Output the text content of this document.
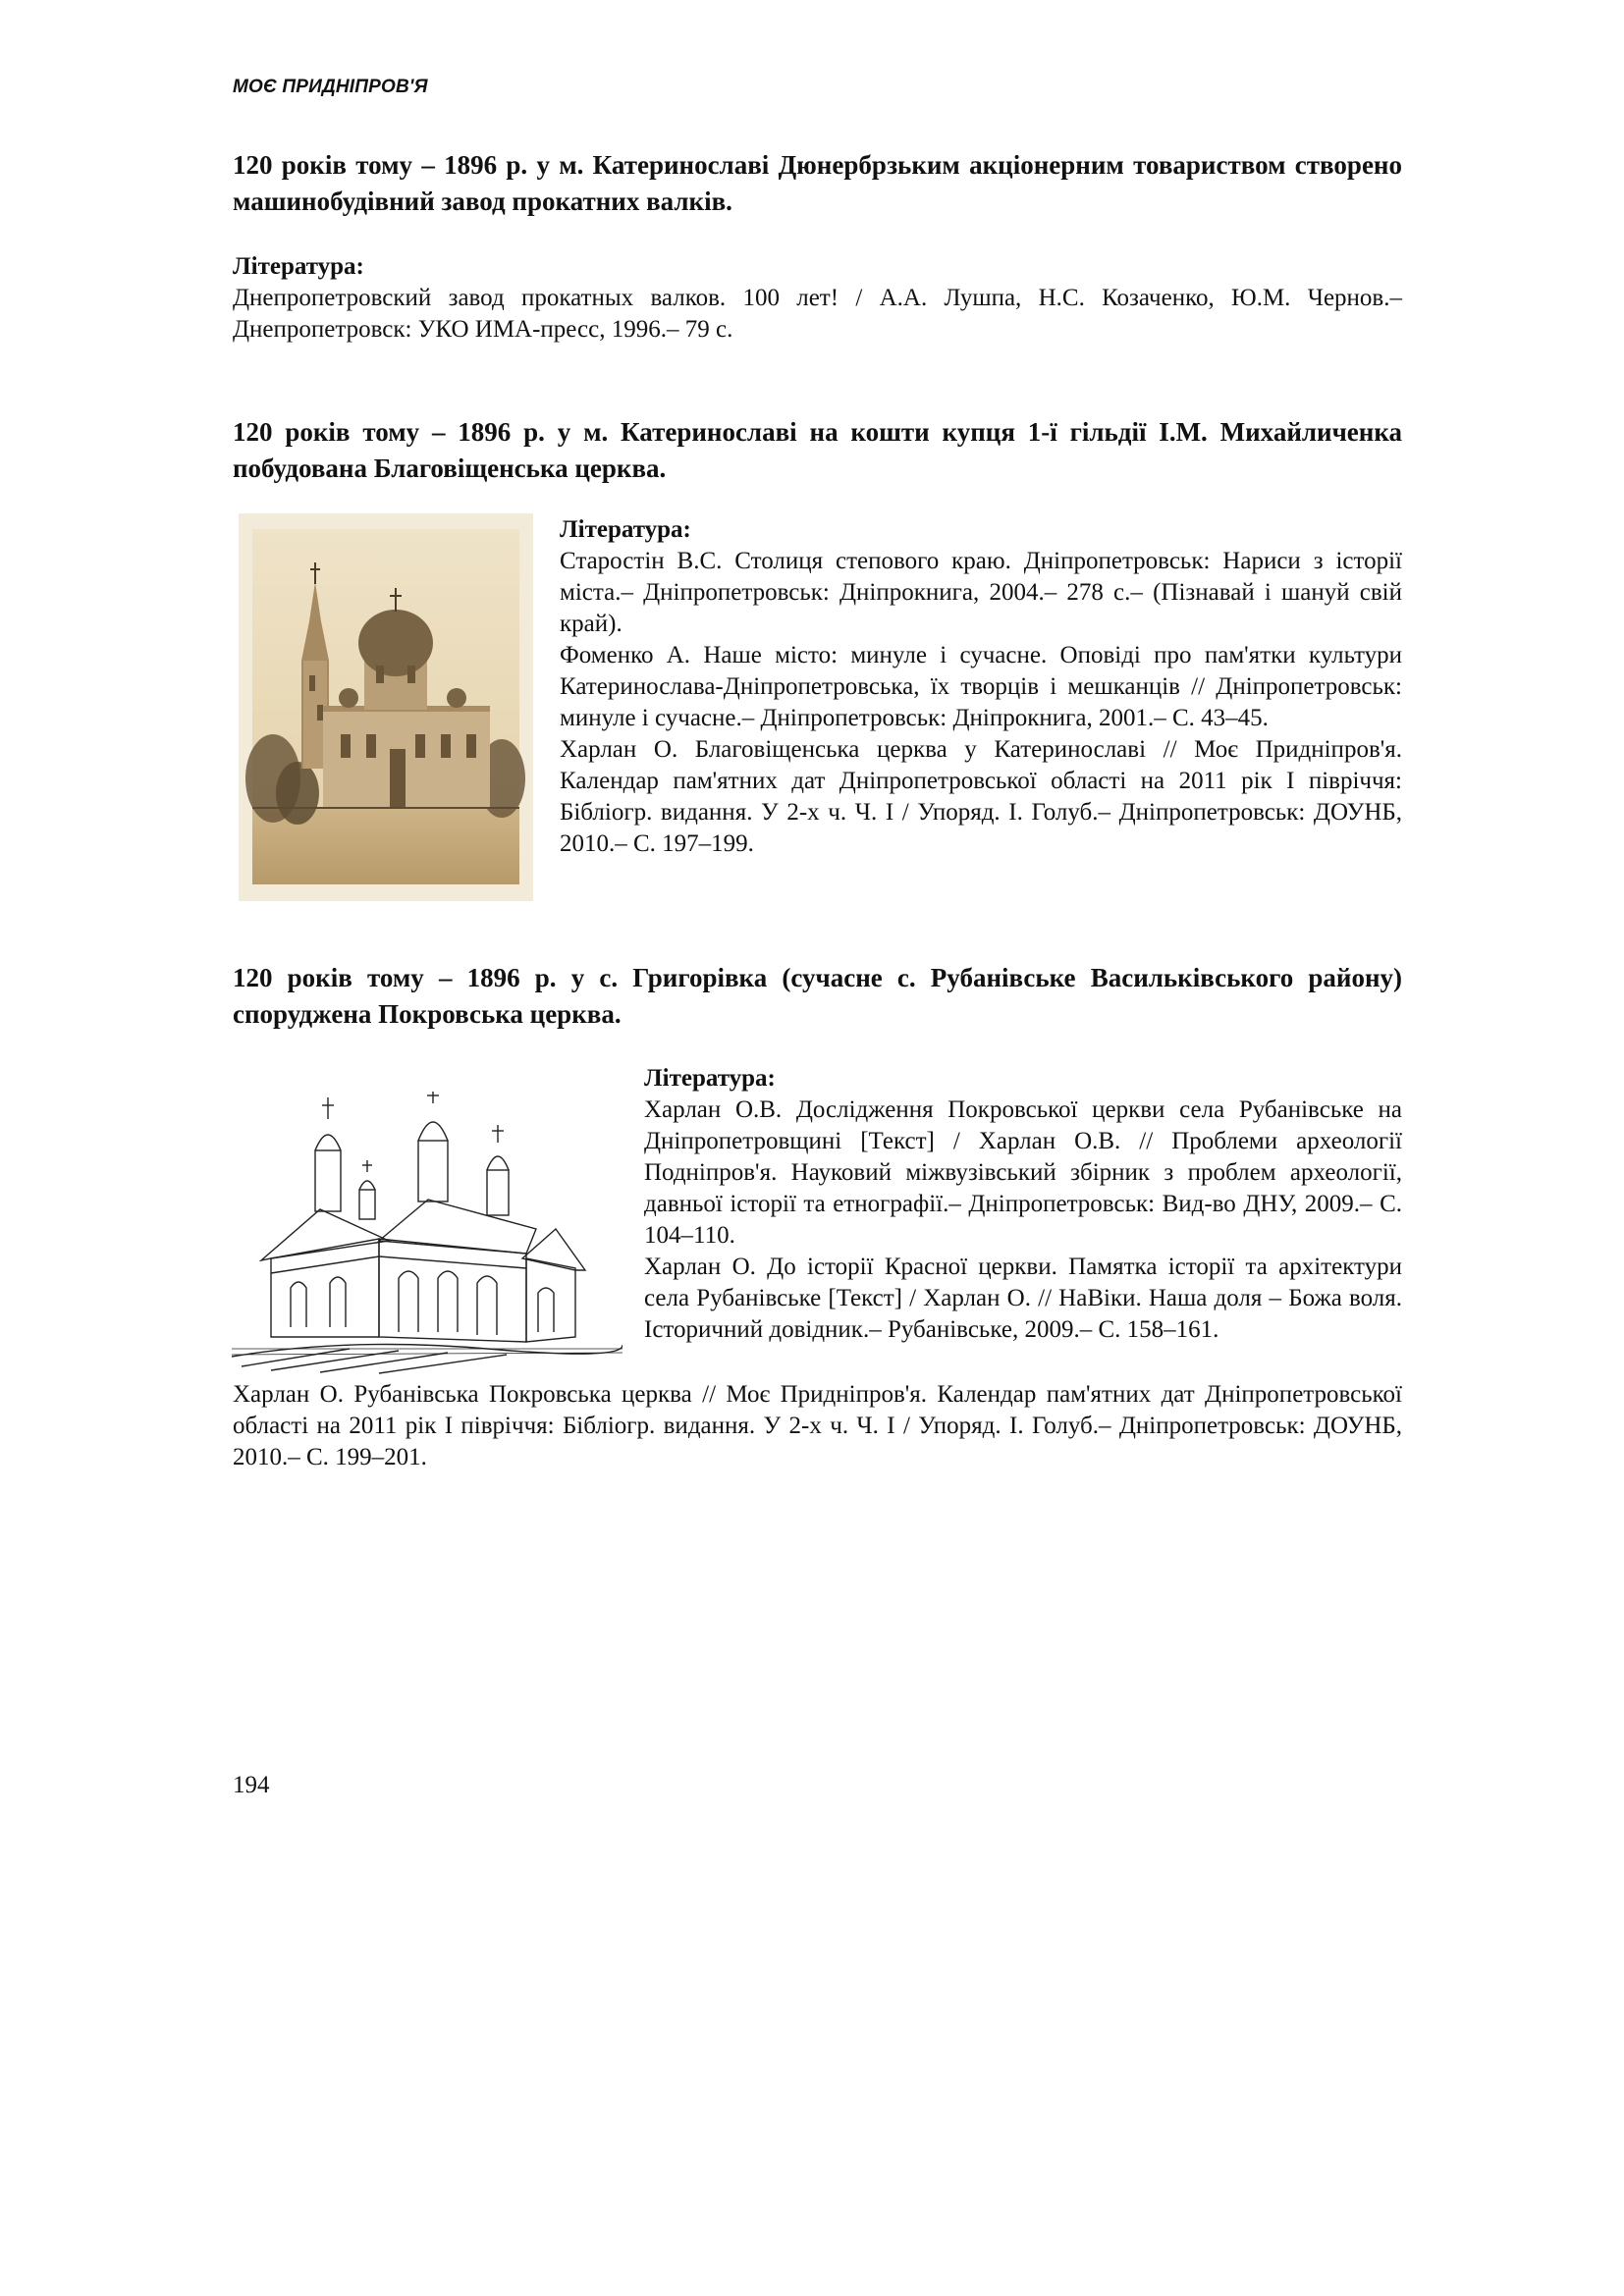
МОЄ ПРИДНІПРОВ'Я

120 років тому – 1896 р. у м. Катеринославі Дюнербрзьким акціонерним товариством створено машинобудівний завод прокатних валків.

Література:

Днепропетровский завод прокатных валков. 100 лет! / А.А. Лушпа, Н.С. Козаченко, Ю.М. Чернов.– Днепропетровск: УКО ИМА-пресс, 1996.– 79 с.

120 років тому – 1896 р. у м. Катеринославі на кошти купця 1-ї гільдії І.М. Михайличенка побудована Благовіщенська церква.

Література:

Старостін В.С. Столиця степового краю. Дніпропетровськ: Нариси з історії міста.– Дніпропетровськ: Дніпрокнига, 2004.– 278 с.– (Пізнавай і шануй свій край).

Фоменко А. Наше місто: минуле і сучасне. Оповіді про пам'ятки культури Катеринослава-Дніпропетровська, їх творців і мешканців // Дніпропетровськ: минуле і сучасне.– Дніпропетровськ: Дніпрокнига, 2001.– С. 43–45.

Харлан О. Благовіщенська церква у Катеринославі // Моє Придніпров'я. Календар пам'ятних дат Дніпропетровської області на 2011 рік І півріччя: Бібліогр. видання. У 2-х ч. Ч. І / Упоряд. І. Голуб.– Дніпропетровськ: ДОУНБ, 2010.– С. 197–199.

120 років тому – 1896 р. у с. Григорівка (сучасне с. Рубанівське Васильківського району) споруджена Покровська церква.

Література:

Харлан О.В. Дослідження Покровської церкви села Рубанівське на Дніпропетровщині [Текст] / Харлан О.В. // Проблеми археології Подніпров'я. Науковий міжвузівський збірник з проблем археології, давньої історії та етнографії.– Дніпропетровськ: Вид-во ДНУ, 2009.– С. 104–110.

Харлан О. До історії Красної церкви. Памятка історії та архітектури села Рубанівське [Текст] / Харлан О. // НаВіки. Наша доля – Божа воля. Історичний довідник.– Рубанівське, 2009.– С. 158–161.

Харлан О. Рубанівська Покровська церква // Моє Придніпров'я. Календар пам'ятних дат Дніпропетровської області на 2011 рік І півріччя: Бібліогр. видання. У 2-х ч. Ч. І / Упоряд. І. Голуб.– Дніпропетровськ: ДОУНБ, 2010.– С. 199–201.

194
